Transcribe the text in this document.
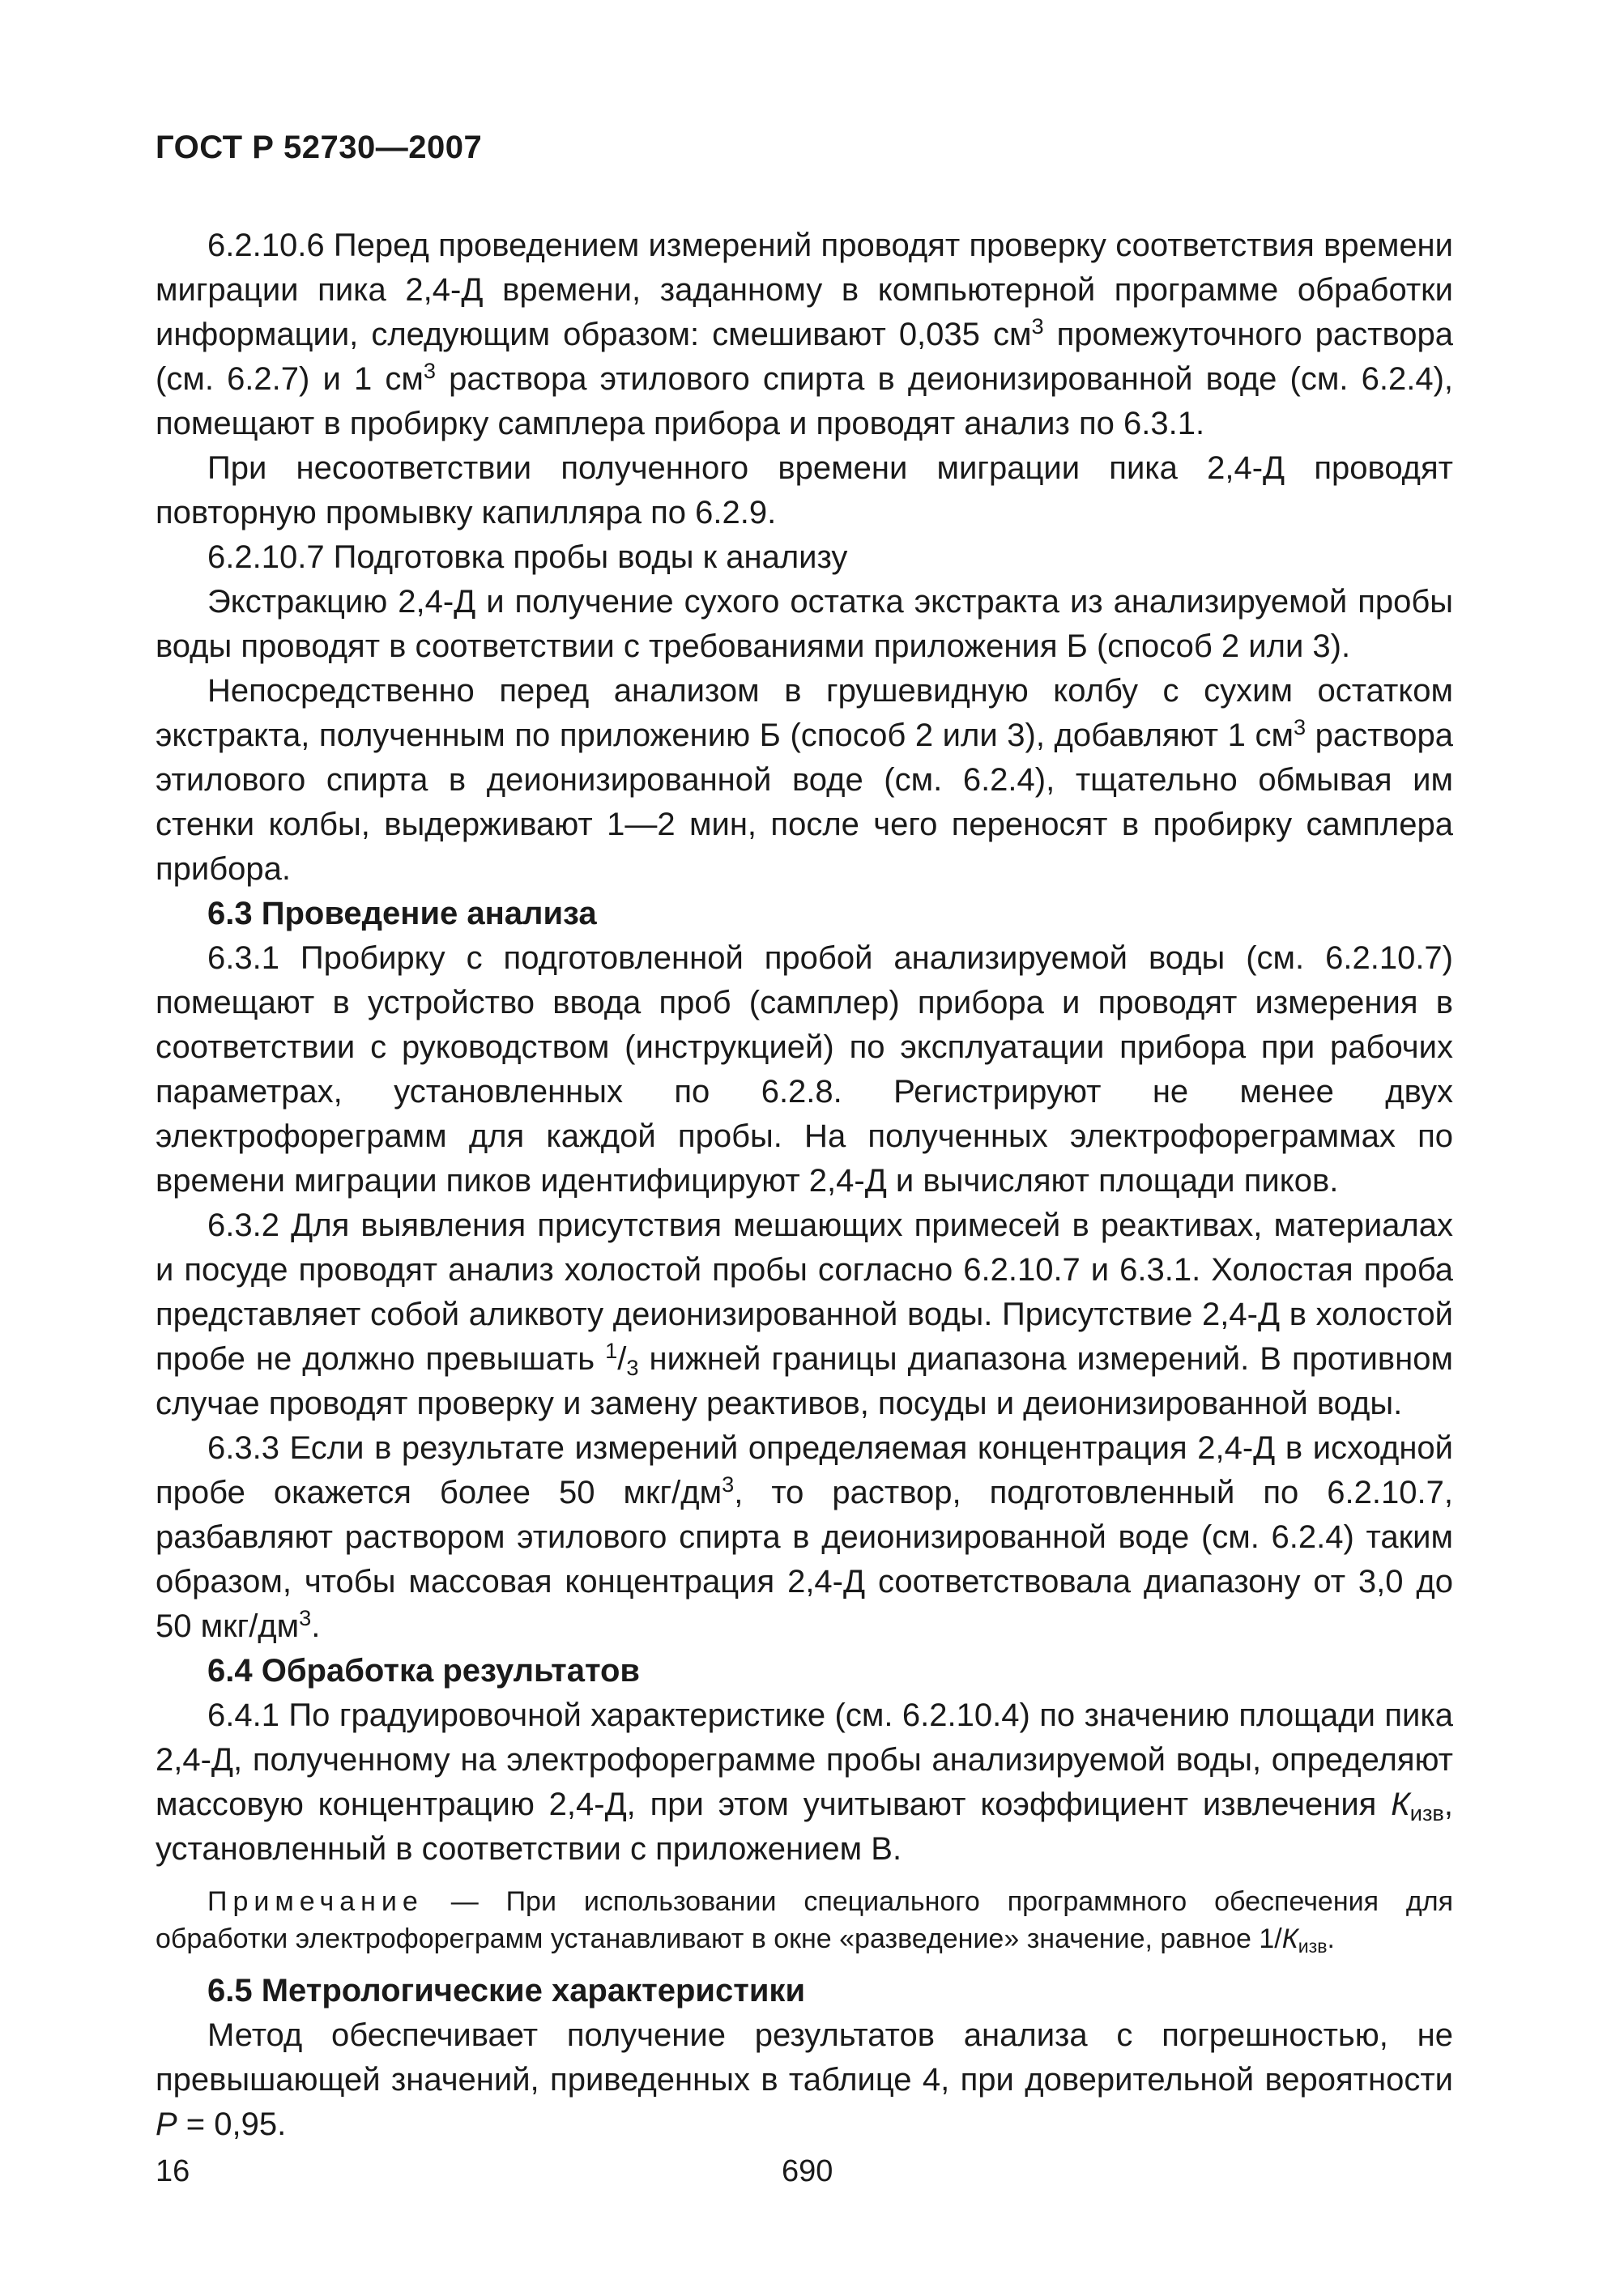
ГОСТ Р 52730—2007

6.2.10.6 Перед проведением измерений проводят проверку соответствия времени миграции пика 2,4-Д времени, заданному в компьютерной программе обработки информации, следующим образом: смешивают 0,035 $см^3$ промежуточного раствора (см. 6.2.7) и 1 $см^3$ раствора этилового спирта в деионизированной воде (см. 6.2.4), помещают в пробирку самплера прибора и проводят анализ по 6.3.1.

При несоответствии полученного времени миграции пика 2,4-Д проводят повторную промывку капилляра по 6.2.9.

6.2.10.7 Подготовка пробы воды к анализу

Экстракцию 2,4-Д и получение сухого остатка экстракта из анализируемой пробы воды проводят в соответствии с требованиями приложения Б (способ 2 или 3).

Непосредственно перед анализом в грушевидную колбу с сухим остатком экстракта, полученным по приложению Б (способ 2 или 3), добавляют 1 $см^3$ раствора этилового спирта в деионизированной воде (см. 6.2.4), тщательно обмывая им стенки колбы, выдерживают 1—2 мин, после чего переносят в пробирку самплера прибора.

6.3 Проведение анализа

6.3.1 Пробирку с подготовленной пробой анализируемой воды (см. 6.2.10.7) помещают в устройство ввода проб (самплер) прибора и проводят измерения в соответствии с руководством (инструкцией) по эксплуатации прибора при рабочих параметрах, установленных по 6.2.8. Регистрируют не менее двух электрофореграмм для каждой пробы. На полученных электрофореграммах по времени миграции пиков идентифицируют 2,4-Д и вычисляют площади пиков.

6.3.2 Для выявления присутствия мешающих примесей в реактивах, материалах и посуде проводят анализ холостой пробы согласно 6.2.10.7 и 6.3.1. Холостая проба представляет собой аликвоту деионизированной воды. Присутствие 2,4-Д в холостой пробе не должно превышать $^1$/3 нижней границы диапазона измерений. В противном случае проводят проверку и замену реактивов, посуды и деионизированной воды.

6.3.3 Если в результате измерений определяемая концентрация 2,4-Д в исходной пробе окажется более 50 мкг/$дм^3$, то раствор, подготовленный по 6.2.10.7, разбавляют раствором этилового спирта в деионизированной воде (см. 6.2.4) таким образом, чтобы массовая концентрация 2,4-Д соответствовала диапазону от 3,0 до 50 мкг/$дм^3$.

6.4 Обработка результатов

6.4.1 По градуировочной характеристике (см. 6.2.10.4) по значению площади пика 2,4-Д, полученному на электрофореграмме пробы анализируемой воды, определяют массовую концентрацию 2,4-Д, при этом учитывают коэффициент извлечения $К_{изв}$, установленный в соответствии с приложением В.

Примечание — При использовании специального программного обеспечения для обработки электрофореграмм устанавливают в окне «разведение» значение, равное $1/К_{изв}$.

6.5 Метрологические характеристики

Метод обеспечивает получение результатов анализа с погрешностью, не превышающей значений, приведенных в таблице 4, при доверительной вероятности P = 0,95.

16	690
